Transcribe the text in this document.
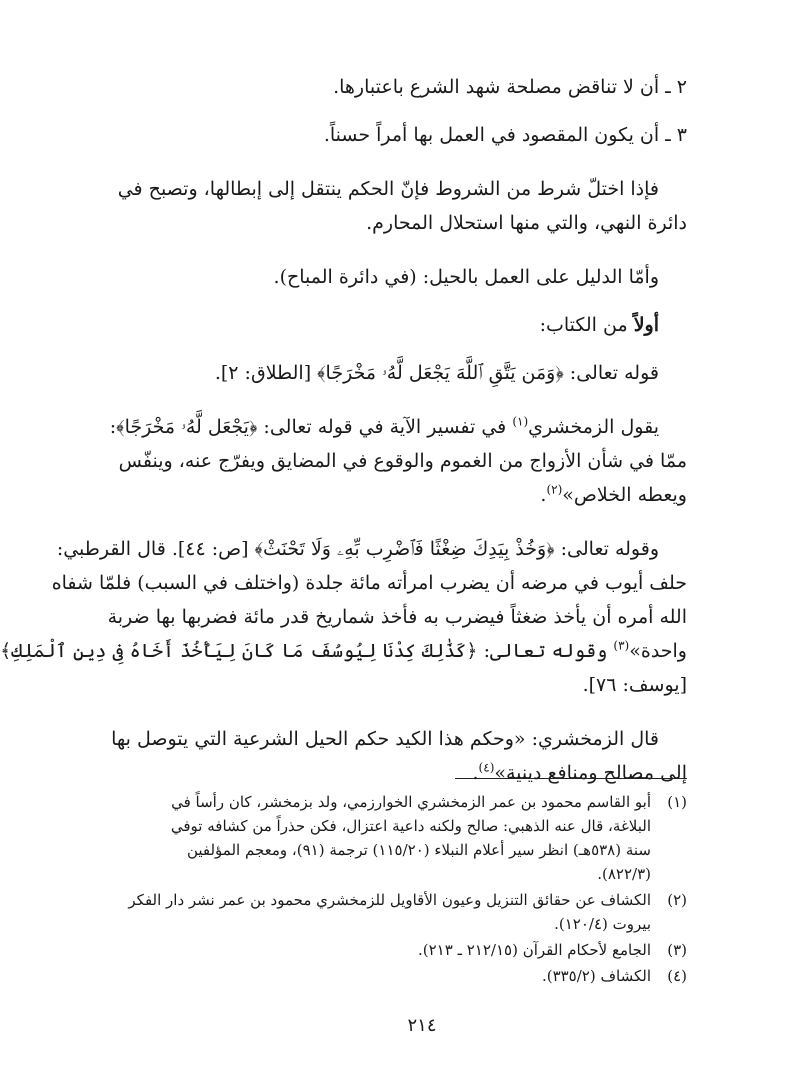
٢ ـ أن لا تناقض مصلحة شهد الشرع باعتبارها.
٣ ـ أن يكون المقصود في العمل بها أمراً حسناً.
فإذا اختلّ شرط من الشروط فإنّ الحكم ينتقل إلى إبطالها، وتصبح في
دائرة النهي، والتي منها استحلال المحارم.
وأمّا الدليل على العمل بالحيل: (في دائرة المباح).
أولاً من الكتاب:
قوله تعالى: ﴿وَمَن يَتَّقِ ٱللَّهَ يَجْعَل لَّهُۥ مَخْرَجًا﴾ [الطلاق: ٢].
يقول الزمخشري$^{(١)}$ في تفسير الآية في قوله تعالى: ﴿يَجْعَل لَّهُۥ مَخْرَجًا﴾:
ممّا في شأن الأزواج من الغموم والوقوع في المضايق ويفرّج عنه، وينفّس
ويعطه الخلاص»$^{(٢)}$.
وقوله تعالى: ﴿وَخُذْ بِيَدِكَ ضِغْثًا فَٱضْرِب بِّهِۦ وَلَا تَحْنَثْ﴾ [ص: ٤٤]. قال القرطبي:
حلف أيوب في مرضه أن يضرب امرأته مائة جلدة (واختلف في السبب) فلمّا شفاه
الله أمره أن يأخذ ضغثاً فيضرب به فأخذ شماريخ قدر مائة فضربها بها ضربة
واحدة»$^{(٣)}$ وقوله تعالى: ﴿كَذَٰلِكَ كِدْنَا لِيُوسُفَ مَا كَانَ لِيَأْخُذَ أَخَاهُ فِى دِينِ ٱلْمَلِكِ﴾
[يوسف: ٧٦].
قال الزمخشري: «وحكم هذا الكيد حكم الحيل الشرعية التي يتوصل بها
إلى مصالح ومنافع دينية»$^{(٤)}$.
(١)
أبو القاسم محمود بن عمر الزمخشري الخوارزمي، ولد بزمخشر، كان رأساً في
البلاغة، قال عنه الذهبي: صالح ولكنه داعية اعتزال، فكن حذراً من كشافه توفي
سنة (٥٣٨هـ) انظر سير أعلام النبلاء (١١٥/٢٠) ترجمة (٩١)، ومعجم المؤلفين
(٨٢٢/٣).
(٢)
الكشاف عن حقائق التنزيل وعيون الأقاويل للزمخشري محمود بن عمر نشر دار الفكر
بيروت (١٢٠/٤).
(٣)
الجامع لأحكام القرآن (٢١٢/١٥ ـ ٢١٣).
(٤)
الكشاف (٣٣٥/٢).
٢١٤
